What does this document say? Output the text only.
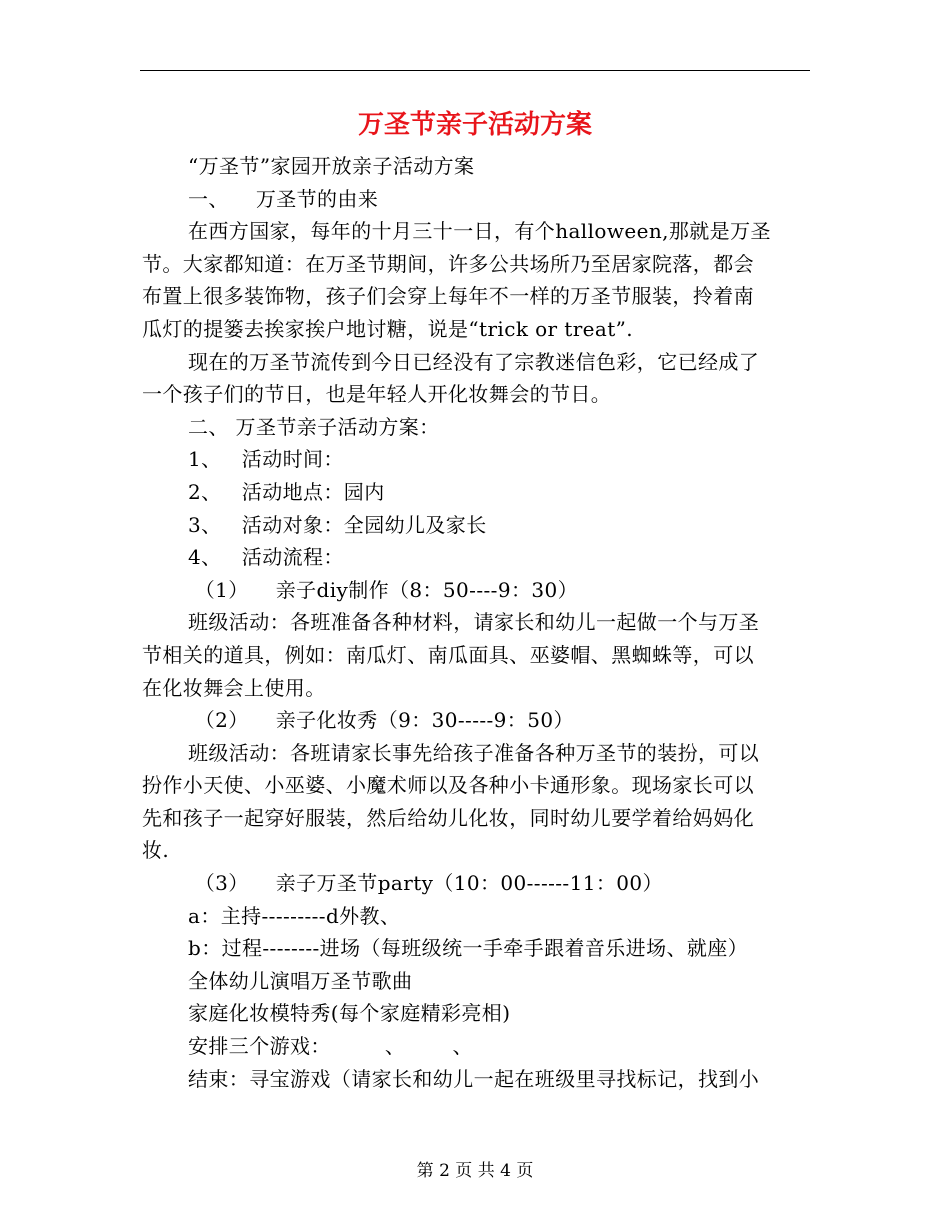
万圣节亲子活动方案
“万圣节”家园开放亲子活动方案
一、    万圣节的由来
在西方国家，每年的十月三十一日，有个halloween,那就是万圣
节。大家都知道：在万圣节期间，许多公共场所乃至居家院落，都会
布置上很多装饰物，孩子们会穿上每年不一样的万圣节服装，拎着南
瓜灯的提篓去挨家挨户地讨糖，说是“trick or treat”.
现在的万圣节流传到今日已经没有了宗教迷信色彩，它已经成了
一个孩子们的节日，也是年轻人开化妆舞会的节日。
二、 万圣节亲子活动方案：
1、   活动时间：
2、   活动地点：园内
3、   活动对象：全园幼儿及家长
4、   活动流程：
（1）    亲子diy制作（8：50----9：30）
班级活动：各班准备各种材料，请家长和幼儿一起做一个与万圣
节相关的道具，例如：南瓜灯、南瓜面具、巫婆帽、黑蜘蛛等，可以
在化妆舞会上使用。
（2）    亲子化妆秀（9：30-----9：50）
班级活动：各班请家长事先给孩子准备各种万圣节的装扮，可以
扮作小天使、小巫婆、小魔术师以及各种小卡通形象。现场家长可以
先和孩子一起穿好服装，然后给幼儿化妆，同时幼儿要学着给妈妈化
妆.
（3）    亲子万圣节party（10：00------11：00）
a：主持---------d外教、
b：过程--------进场（每班级统一手牵手跟着音乐进场、就座）
全体幼儿演唱万圣节歌曲
家庭化妆模特秀(每个家庭精彩亮相)
安排三个游戏：        、       、
结束：寻宝游戏（请家长和幼儿一起在班级里寻找标记，找到小
第 2 页 共 4 页
